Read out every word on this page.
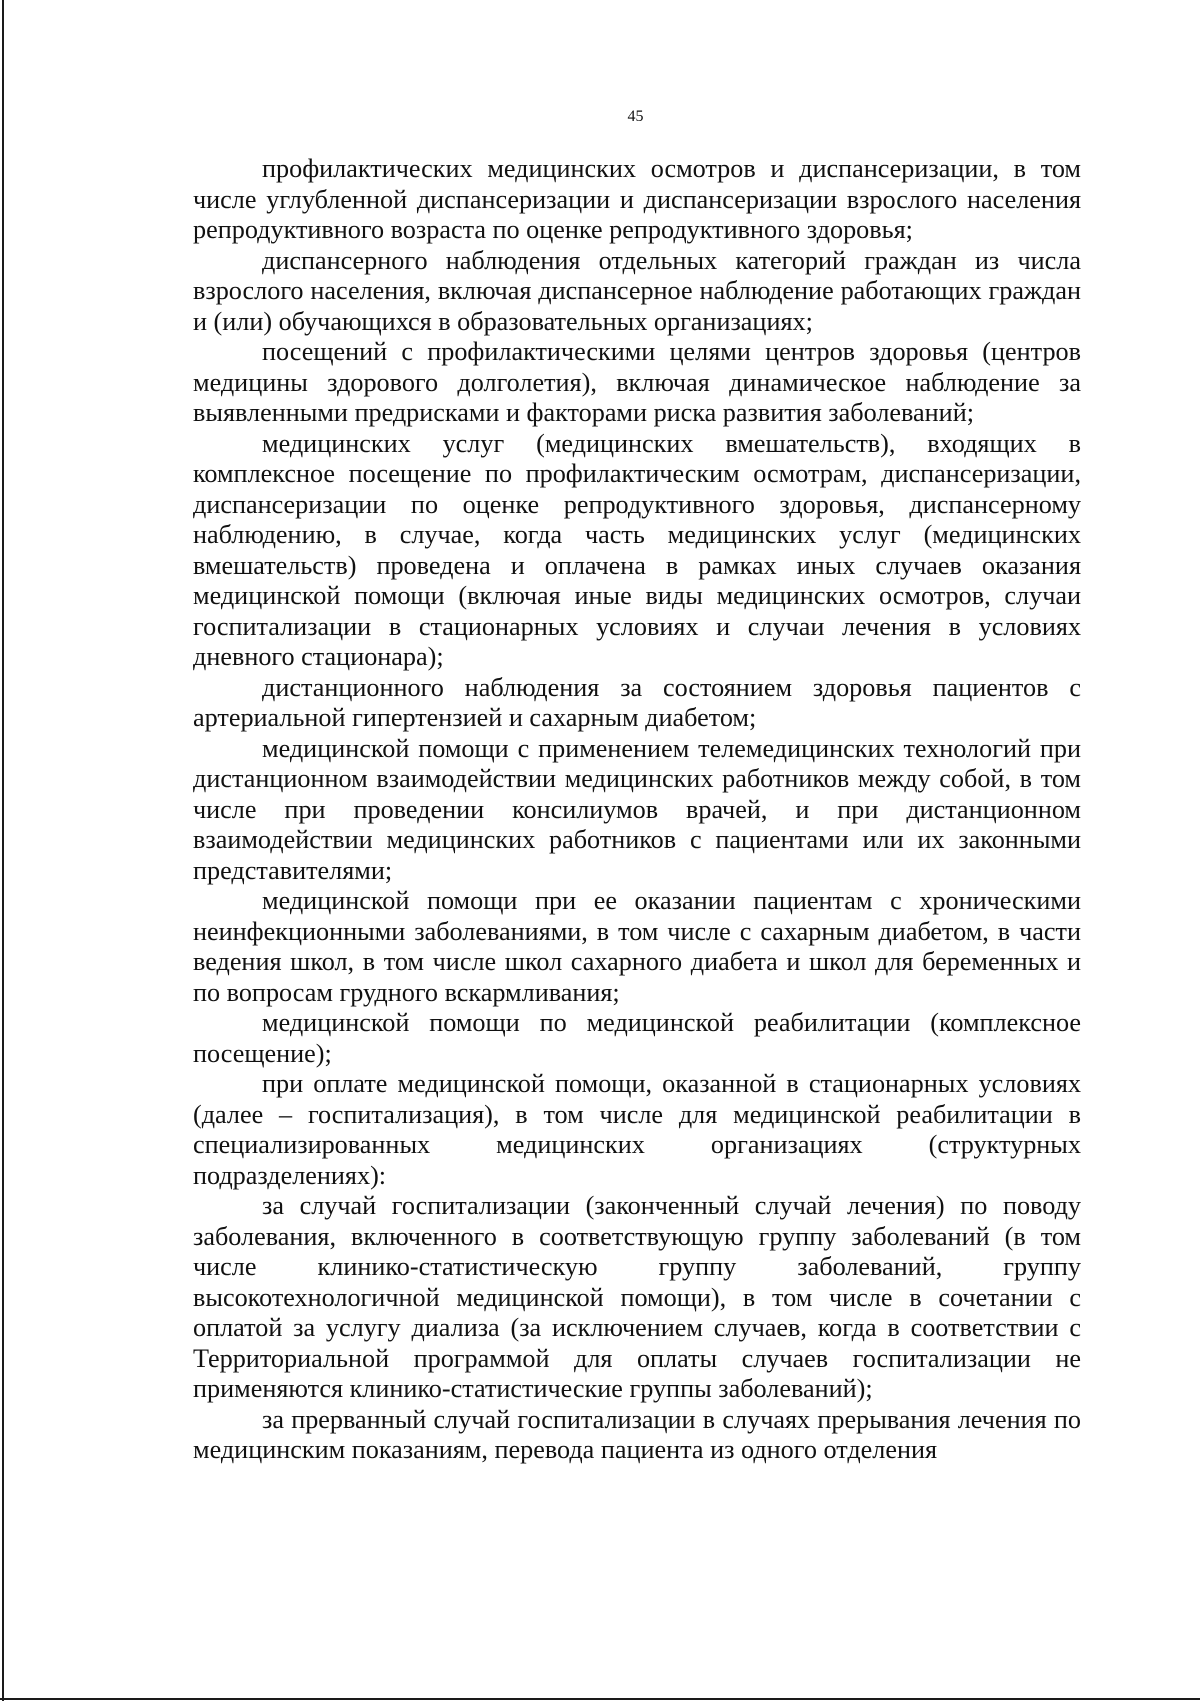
45

профилактических медицинских осмотров и диспансеризации, в том числе углубленной диспансеризации и диспансеризации взрослого населения репродуктивного возраста по оценке репродуктивного здоровья;

диспансерного наблюдения отдельных категорий граждан из числа взрослого населения, включая диспансерное наблюдение работающих граждан и (или) обучающихся в образовательных организациях;

посещений с профилактическими целями центров здоровья (центров медицины здорового долголетия), включая динамическое наблюдение за выявленными предрисками и факторами риска развития заболеваний;

медицинских услуг (медицинских вмешательств), входящих в комплексное посещение по профилактическим осмотрам, диспансеризации, диспансеризации по оценке репродуктивного здоровья, диспансерному наблюдению, в случае, когда часть медицинских услуг (медицинских вмешательств) проведена и оплачена в рамках иных случаев оказания медицинской помощи (включая иные виды медицинских осмотров, случаи госпитализации в стационарных условиях и случаи лечения в условиях дневного стационара);

дистанционного наблюдения за состоянием здоровья пациентов с артериальной гипертензией и сахарным диабетом;

медицинской помощи с применением телемедицинских технологий при дистанционном взаимодействии медицинских работников между собой, в том числе при проведении консилиумов врачей, и при дистанционном взаимодействии медицинских работников с пациентами или их законными представителями;

медицинской помощи при ее оказании пациентам с хроническими неинфекционными заболеваниями, в том числе с сахарным диабетом, в части ведения школ, в том числе школ сахарного диабета и школ для беременных и по вопросам грудного вскармливания;

медицинской помощи по медицинской реабилитации (комплексное посещение);

при оплате медицинской помощи, оказанной в стационарных условиях (далее – госпитализация), в том числе для медицинской реабилитации в специализированных медицинских организациях (структурных подразделениях):

за случай госпитализации (законченный случай лечения) по поводу заболевания, включенного в соответствующую группу заболеваний (в том числе клинико-статистическую группу заболеваний, группу высокотехнологичной медицинской помощи), в том числе в сочетании с оплатой за услугу диализа (за исключением случаев, когда в соответствии с Территориальной программой для оплаты случаев госпитализации не применяются клинико-статистические группы заболеваний);

за прерванный случай госпитализации в случаях прерывания лечения по медицинским показаниям, перевода пациента из одного отделения
